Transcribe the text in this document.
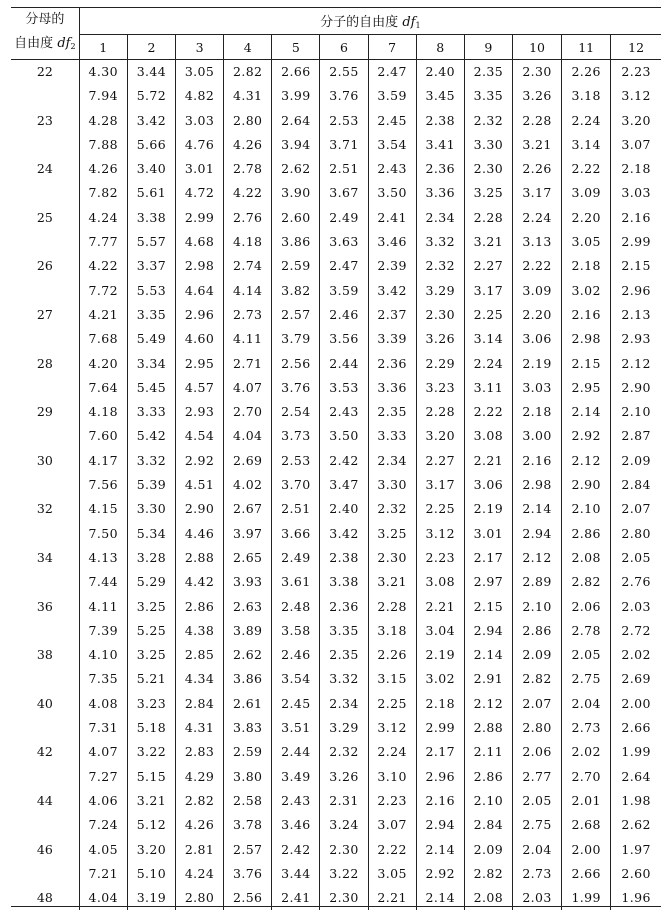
分母的
自由度 $df_2$	分子的自由度 $df_1$
	1	2	3	4	5	6	7	8	9	10	11	12
22	4.30	3.44	3.05	2.82	2.66	2.55	2.47	2.40	2.35	2.30	2.26	2.23
	7.94	5.72	4.82	4.31	3.99	3.76	3.59	3.45	3.35	3.26	3.18	3.12
23	4.28	3.42	3.03	2.80	2.64	2.53	2.45	2.38	2.32	2.28	2.24	3.20
	7.88	5.66	4.76	4.26	3.94	3.71	3.54	3.41	3.30	3.21	3.14	3.07
24	4.26	3.40	3.01	2.78	2.62	2.51	2.43	2.36	2.30	2.26	2.22	2.18
	7.82	5.61	4.72	4.22	3.90	3.67	3.50	3.36	3.25	3.17	3.09	3.03
25	4.24	3.38	2.99	2.76	2.60	2.49	2.41	2.34	2.28	2.24	2.20	2.16
	7.77	5.57	4.68	4.18	3.86	3.63	3.46	3.32	3.21	3.13	3.05	2.99
26	4.22	3.37	2.98	2.74	2.59	2.47	2.39	2.32	2.27	2.22	2.18	2.15
	7.72	5.53	4.64	4.14	3.82	3.59	3.42	3.29	3.17	3.09	3.02	2.96
27	4.21	3.35	2.96	2.73	2.57	2.46	2.37	2.30	2.25	2.20	2.16	2.13
	7.68	5.49	4.60	4.11	3.79	3.56	3.39	3.26	3.14	3.06	2.98	2.93
28	4.20	3.34	2.95	2.71	2.56	2.44	2.36	2.29	2.24	2.19	2.15	2.12
	7.64	5.45	4.57	4.07	3.76	3.53	3.36	3.23	3.11	3.03	2.95	2.90
29	4.18	3.33	2.93	2.70	2.54	2.43	2.35	2.28	2.22	2.18	2.14	2.10
	7.60	5.42	4.54	4.04	3.73	3.50	3.33	3.20	3.08	3.00	2.92	2.87
30	4.17	3.32	2.92	2.69	2.53	2.42	2.34	2.27	2.21	2.16	2.12	2.09
	7.56	5.39	4.51	4.02	3.70	3.47	3.30	3.17	3.06	2.98	2.90	2.84
32	4.15	3.30	2.90	2.67	2.51	2.40	2.32	2.25	2.19	2.14	2.10	2.07
	7.50	5.34	4.46	3.97	3.66	3.42	3.25	3.12	3.01	2.94	2.86	2.80
34	4.13	3.28	2.88	2.65	2.49	2.38	2.30	2.23	2.17	2.12	2.08	2.05
	7.44	5.29	4.42	3.93	3.61	3.38	3.21	3.08	2.97	2.89	2.82	2.76
36	4.11	3.25	2.86	2.63	2.48	2.36	2.28	2.21	2.15	2.10	2.06	2.03
	7.39	5.25	4.38	3.89	3.58	3.35	3.18	3.04	2.94	2.86	2.78	2.72
38	4.10	3.25	2.85	2.62	2.46	2.35	2.26	2.19	2.14	2.09	2.05	2.02
	7.35	5.21	4.34	3.86	3.54	3.32	3.15	3.02	2.91	2.82	2.75	2.69
40	4.08	3.23	2.84	2.61	2.45	2.34	2.25	2.18	2.12	2.07	2.04	2.00
	7.31	5.18	4.31	3.83	3.51	3.29	3.12	2.99	2.88	2.80	2.73	2.66
42	4.07	3.22	2.83	2.59	2.44	2.32	2.24	2.17	2.11	2.06	2.02	1.99
	7.27	5.15	4.29	3.80	3.49	3.26	3.10	2.96	2.86	2.77	2.70	2.64
44	4.06	3.21	2.82	2.58	2.43	2.31	2.23	2.16	2.10	2.05	2.01	1.98
	7.24	5.12	4.26	3.78	3.46	3.24	3.07	2.94	2.84	2.75	2.68	2.62
46	4.05	3.20	2.81	2.57	2.42	2.30	2.22	2.14	2.09	2.04	2.00	1.97
	7.21	5.10	4.24	3.76	3.44	3.22	3.05	2.92	2.82	2.73	2.66	2.60
48	4.04	3.19	2.80	2.56	2.41	2.30	2.21	2.14	2.08	2.03	1.99	1.96
